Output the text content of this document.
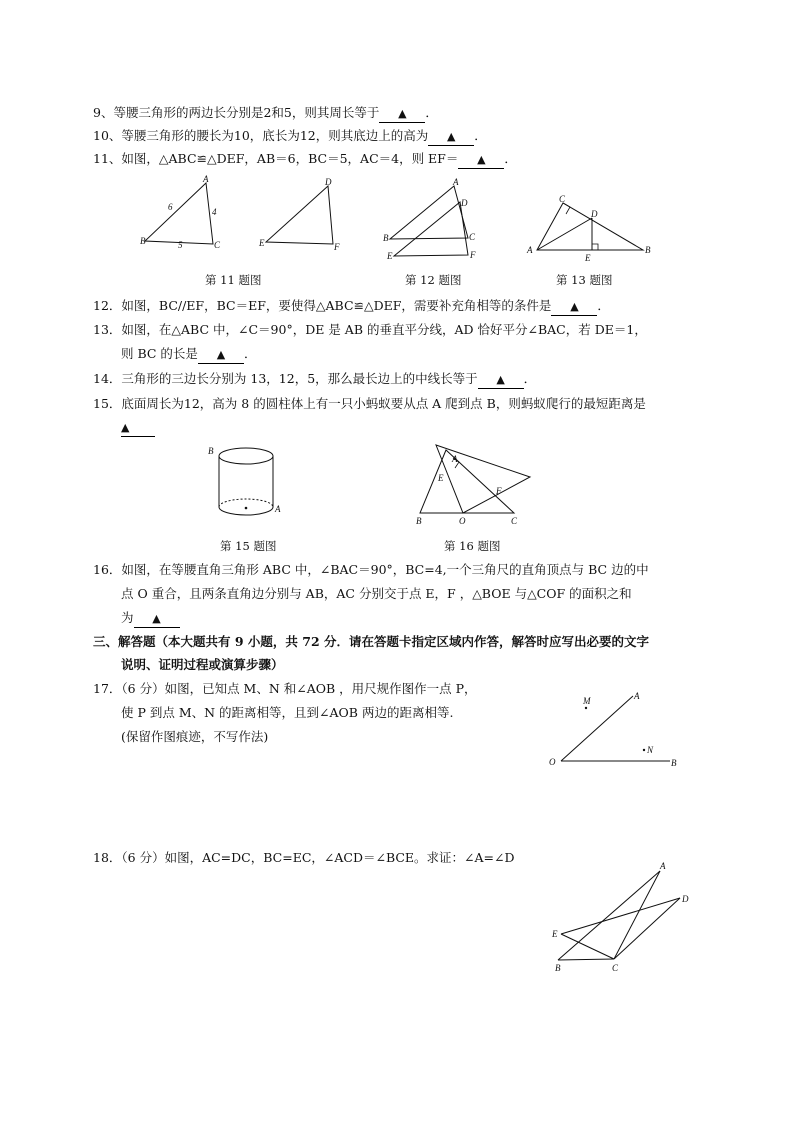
9、等腰三角形的两边长分别是2和5，则其周长等于 ▲ ．
10、等腰三角形的腰长为10，底长为12，则其底边上的高为 ▲ ．
11、如图，△ABC≌△DEF，AB＝6，BC＝5，AC＝4，则 EF＝ ▲ ．
A
B	C
6	4
5
D
E	F
第 11 题图
A
D
B	C
E	F
第 12 题图
C
D
A
E
B
第 13 题图
12．如图，BC//EF，BC＝EF，要使得△ABC≌△DEF，需要补充角相等的条件是 ▲ ．
13．如图，在△ABC 中，∠C＝90°，DE 是 AB 的垂直平分线，AD 恰好平分∠BAC，若 DE＝1，
则 BC 的长是 ▲ ．
14．三角形的三边长分别为 13，12，5，那么最长边上的中线长等于 ▲ ．
15．底面周长为12，高为 8 的圆柱体上有一只小蚂蚁要从点 A 爬到点 B，则蚂蚁爬行的最短距离是
▲
B
A
第 15 题图
A
E
F
B	O	C
第 16 题图
16．如图，在等腰直角三角形 ABC 中，∠BAC＝90°，BC=4,一个三角尺的直角顶点与 BC 边的中
点 O 重合，且两条直角边分别与 AB，AC 分别交于点 E，F ，△BOE 与△COF 的面积之和
为 ▲
三、解答题（本大题共有 9 小题，共 72 分．请在答题卡指定区域内作答，解答时应写出必要的文字
说明、证明过程或演算步骤）
17．（6 分）如图，已知点 M、N 和∠AOB ，用尺规作图作一点 P，
使 P 到点 M、N 的距离相等，且到∠AOB 两边的距离相等.
(保留作图痕迹，不写作法)
M	A
N
O	B
18．（6 分）如图，AC=DC，BC=EC，∠ACD＝∠BCE。求证：∠A=∠D
A
D
E
B	C
